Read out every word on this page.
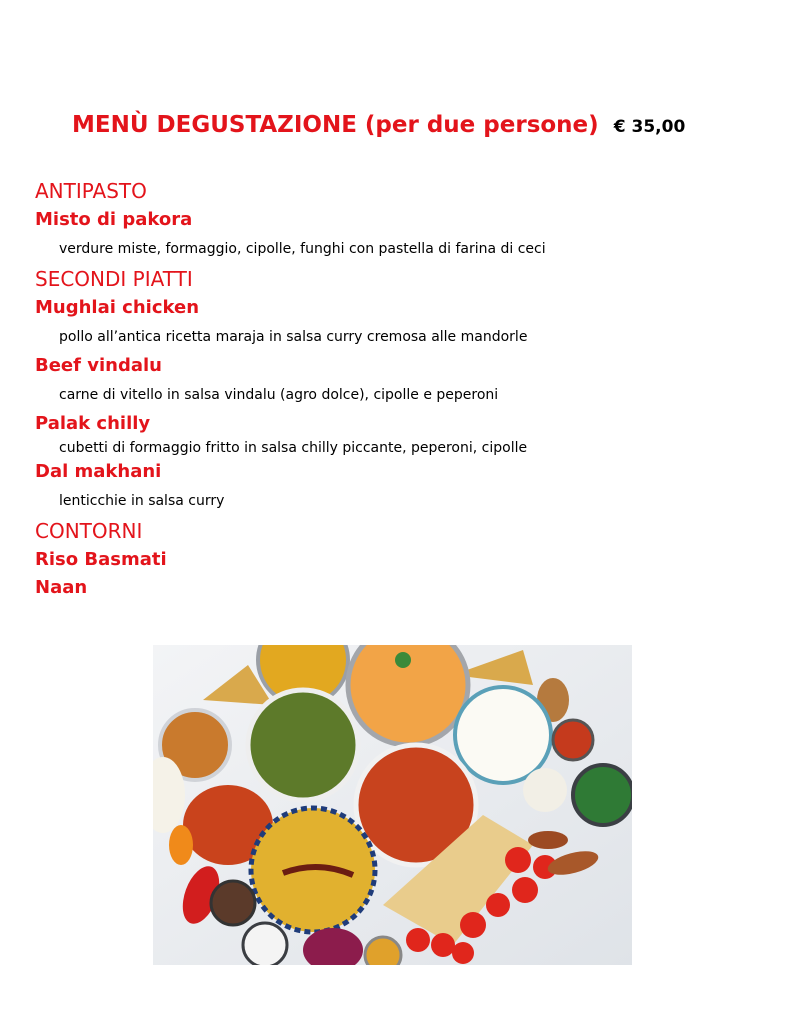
MENÙ DEGUSTAZIONE (per due persone) € 35,00
ANTIPASTO
Misto di pakora
verdure miste, formaggio, cipolle, funghi con pastella di farina di ceci
SECONDI PIATTI
Mughlai chicken
pollo all’antica ricetta maraja in salsa curry cremosa alle mandorle
Beef vindalu
carne di vitello in salsa vindalu (agro dolce), cipolle e peperoni
Palak chilly
cubetti di formaggio fritto in salsa chilly piccante, peperoni, cipolle
Dal makhani
lenticchie in salsa curry
CONTORNI
Riso Basmati
Naan
